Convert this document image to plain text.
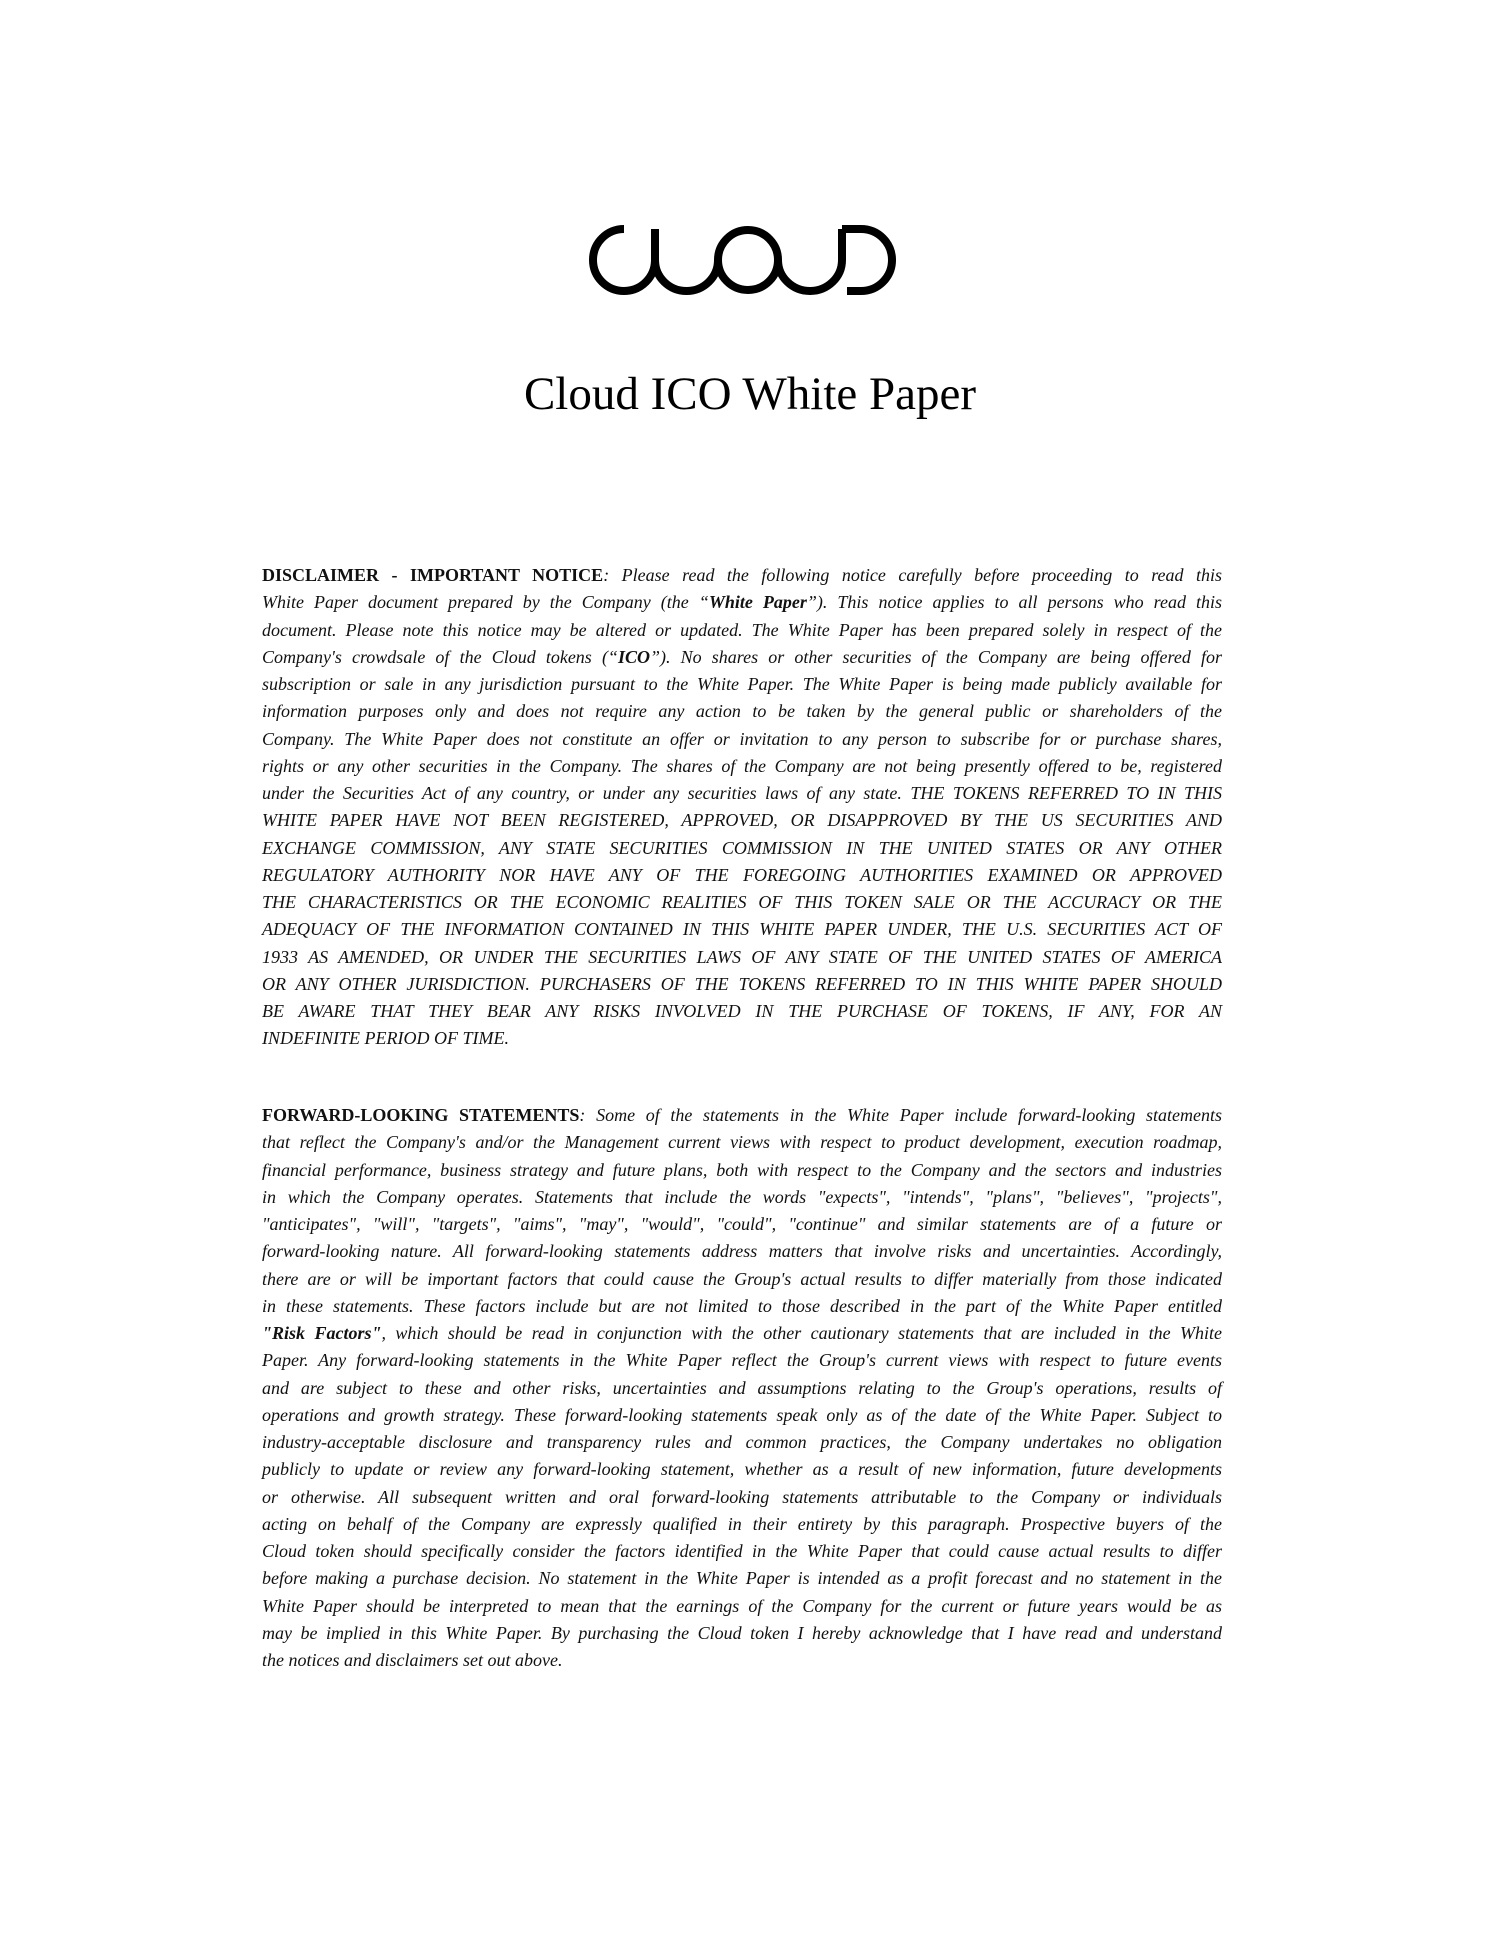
Cloud ICO White Paper
DISCLAIMER - IMPORTANT NOTICE: Please read the following notice carefully before proceeding to read this
White Paper document prepared by the Company (the “White Paper”). This notice applies to all persons who read this
document. Please note this notice may be altered or updated. The White Paper has been prepared solely in respect of the
Company's crowdsale of the Cloud tokens (“ICO”). No shares or other securities of the Company are being offered for
subscription or sale in any jurisdiction pursuant to the White Paper. The White Paper is being made publicly available for
information purposes only and does not require any action to be taken by the general public or shareholders of the
Company. The White Paper does not constitute an offer or invitation to any person to subscribe for or purchase shares,
rights or any other securities in the Company. The shares of the Company are not being presently offered to be, registered
under the Securities Act of any country, or under any securities laws of any state. THE TOKENS REFERRED TO IN THIS
WHITE PAPER HAVE NOT BEEN REGISTERED, APPROVED, OR DISAPPROVED BY THE US SECURITIES AND
EXCHANGE COMMISSION, ANY STATE SECURITIES COMMISSION IN THE UNITED STATES OR ANY OTHER
REGULATORY AUTHORITY NOR HAVE ANY OF THE FOREGOING AUTHORITIES EXAMINED OR APPROVED
THE CHARACTERISTICS OR THE ECONOMIC REALITIES OF THIS TOKEN SALE OR THE ACCURACY OR THE
ADEQUACY OF THE INFORMATION CONTAINED IN THIS WHITE PAPER UNDER, THE U.S. SECURITIES ACT OF
1933 AS AMENDED, OR UNDER THE SECURITIES LAWS OF ANY STATE OF THE UNITED STATES OF AMERICA
OR ANY OTHER JURISDICTION. PURCHASERS OF THE TOKENS REFERRED TO IN THIS WHITE PAPER SHOULD
BE AWARE THAT THEY BEAR ANY RISKS INVOLVED IN THE PURCHASE OF TOKENS, IF ANY, FOR AN
INDEFINITE PERIOD OF TIME.
FORWARD-LOOKING STATEMENTS: Some of the statements in the White Paper include forward-looking statements
that reflect the Company's and/or the Management current views with respect to product development, execution roadmap,
financial performance, business strategy and future plans, both with respect to the Company and the sectors and industries
in which the Company operates. Statements that include the words "expects", "intends", "plans", "believes", "projects",
"anticipates", "will", "targets", "aims", "may", "would", "could", "continue" and similar statements are of a future or
forward-looking nature. All forward-looking statements address matters that involve risks and uncertainties. Accordingly,
there are or will be important factors that could cause the Group's actual results to differ materially from those indicated
in these statements. These factors include but are not limited to those described in the part of the White Paper entitled
"Risk Factors", which should be read in conjunction with the other cautionary statements that are included in the White
Paper. Any forward-looking statements in the White Paper reflect the Group's current views with respect to future events
and are subject to these and other risks, uncertainties and assumptions relating to the Group's operations, results of
operations and growth strategy. These forward-looking statements speak only as of the date of the White Paper. Subject to
industry-acceptable disclosure and transparency rules and common practices, the Company undertakes no obligation
publicly to update or review any forward-looking statement, whether as a result of new information, future developments
or otherwise. All subsequent written and oral forward-looking statements attributable to the Company or individuals
acting on behalf of the Company are expressly qualified in their entirety by this paragraph. Prospective buyers of the
Cloud token should specifically consider the factors identified in the White Paper that could cause actual results to differ
before making a purchase decision. No statement in the White Paper is intended as a profit forecast and no statement in the
White Paper should be interpreted to mean that the earnings of the Company for the current or future years would be as
may be implied in this White Paper. By purchasing the Cloud token I hereby acknowledge that I have read and understand
the notices and disclaimers set out above.
